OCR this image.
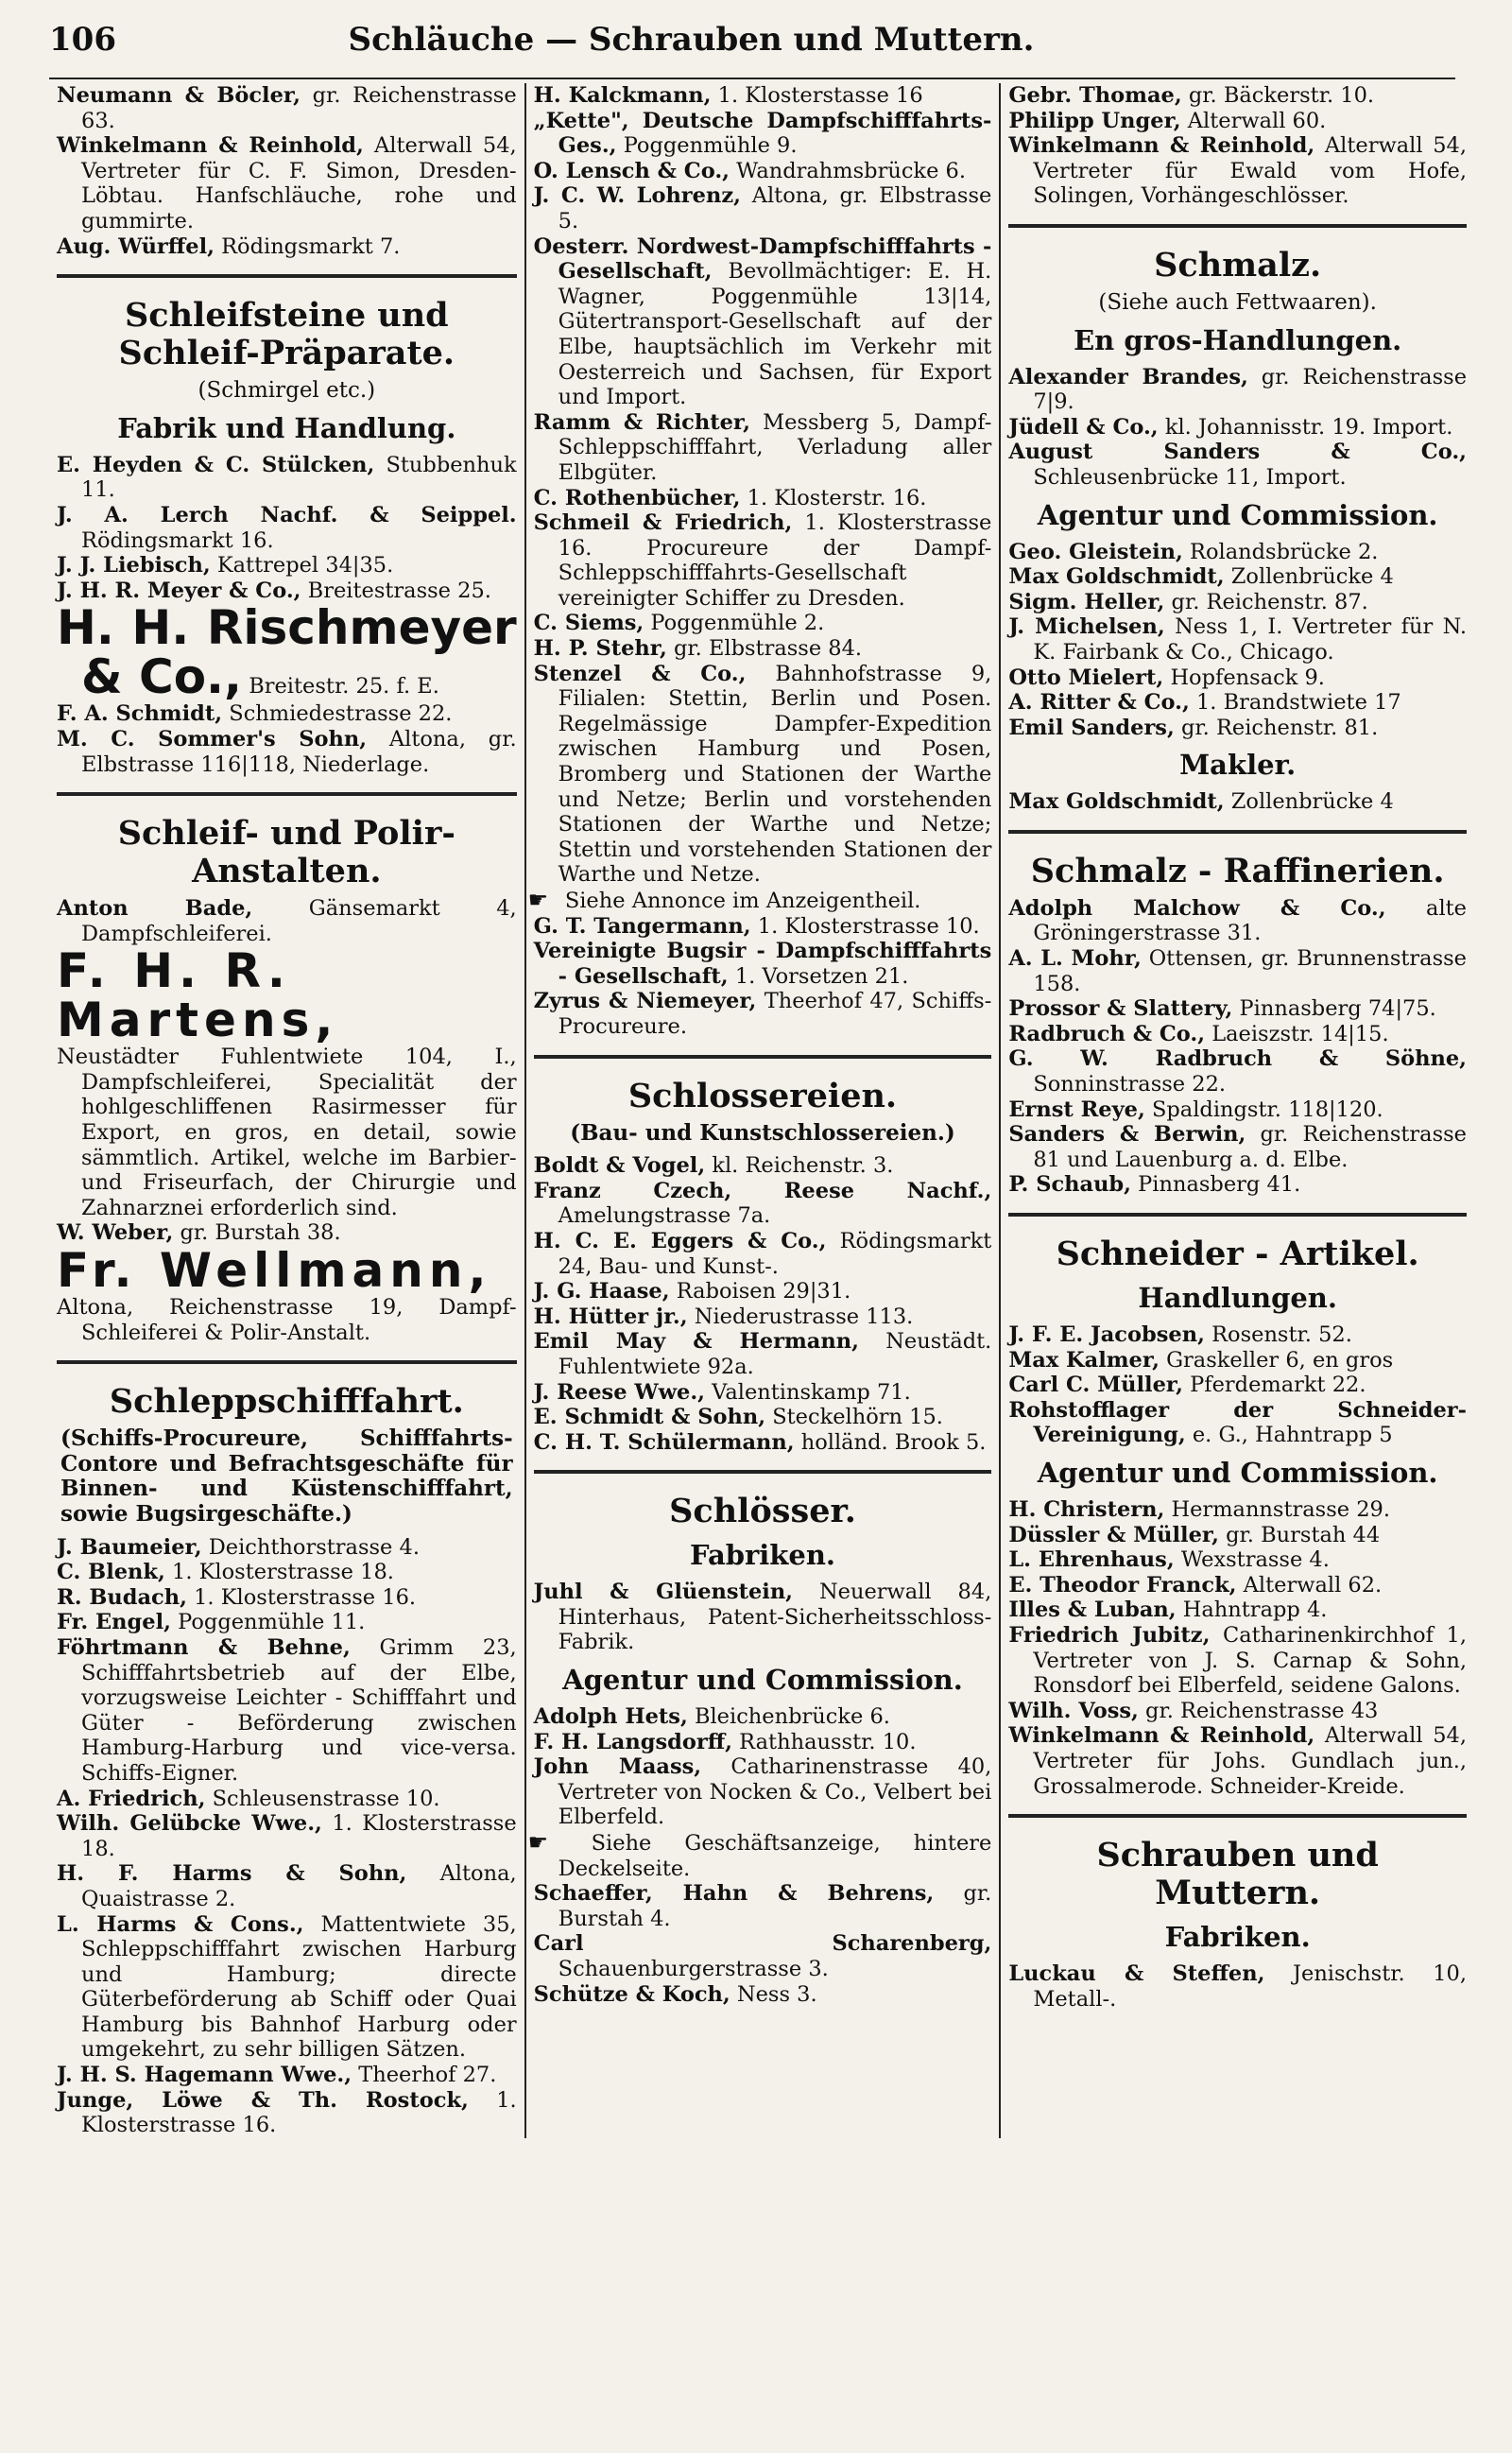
106	Schläuche — Schrauben und Muttern.

Neumann & Böcler, gr. Reichenstrasse 63.

Winkelmann & Reinhold, Alterwall 54, Vertreter für C. F. Simon, Dresden-Löbtau. Hanfschläuche, rohe und gummirte.

Aug. Würffel, Rödingsmarkt 7.

Schleifsteine und Schleif-Präparate.
(Schmirgel etc.)
Fabrik und Handlung.

E. Heyden & C. Stülcken, Stubbenhuk 11.

J. A. Lerch Nachf. & Seippel. Rödingsmarkt 16.

J. J. Liebisch, Kattrepel 34|35.

J. H. R. Meyer & Co., Breitestrasse 25.

H. H. Rischmeyer & Co., Breitestr. 25. f. E.

F. A. Schmidt, Schmiedestrasse 22.

M. C. Sommer's Sohn, Altona, gr. Elbstrasse 116|118, Niederlage.

Schleif- und Polir-Anstalten.

Anton Bade,	Gänsemarkt 4, Dampfschleiferei.

F. H. R. Martens,
Neustädter Fuhlentwiete 104, I., Dampfschleiferei, Specialität der hohlgeschliffenen Rasirmesser für Export, en gros, en detail, sowie sämmtlich. Artikel, welche im Barbier- und Friseurfach, der Chirurgie und Zahnarznei erforderlich sind.

W. Weber, gr. Burstah 38.

Fr. Wellmann,
Altona, Reichenstrasse 19, Dampf-Schleiferei & Polir-Anstalt.
Schleppschifffahrt.
(Schiffs-Procureure, Schifffahrts-Contore und Befrachtsgeschäfte für Binnen- und Küstenschifffahrt, sowie Bugsirgeschäfte.)

J. Baumeier, Deichthorstrasse 4.

C. Blenk, 1. Klosterstrasse 18.

R. Budach, 1. Klosterstrasse 16.

Fr. Engel, Poggenmühle 11.

Föhrtmann & Behne, Grimm 23, Schifffahrtsbetrieb auf der Elbe, vorzugsweise Leichter - Schifffahrt und Güter - Beförderung zwischen Hamburg-Harburg und vice-versa. Schiffs-Eigner.

A. Friedrich, Schleusenstrasse 10.

Wilh. Gelübcke Wwe., 1. Klosterstrasse 18.

H. F. Harms & Sohn, Altona, Quaistrasse 2.

L. Harms & Cons., Mattentwiete 35, Schleppschifffahrt zwischen Harburg und Hamburg; directe Güterbeförderung ab Schiff oder Quai Hamburg bis Bahnhof Harburg oder umgekehrt, zu sehr billigen Sätzen.

J. H. S. Hagemann Wwe., Theerhof 27.

Junge, Löwe & Th. Rostock, 1. Klosterstrasse 16.

H. Kalckmann, 1. Klosterstasse 16

„Kette", Deutsche Dampfschifffahrts-Ges., Poggenmühle 9.

O. Lensch & Co., Wandrahmsbrücke 6.

J. C. W. Lohrenz, Altona, gr. Elbstrasse 5.

Oesterr. Nordwest-Dampfschifffahrts - Gesellschaft, Bevollmächtiger: E. H. Wagner, Poggenmühle 13|14, Gütertransport-Gesellschaft auf der Elbe, hauptsächlich im Verkehr mit Oesterreich und Sachsen, für Export und Import.

Ramm & Richter, Messberg 5, Dampf-Schleppschifffahrt, Verladung aller Elbgüter.

C. Rothenbücher, 1. Klosterstr. 16.

Schmeil & Friedrich, 1. Klosterstrasse 16. Procureure der Dampf-Schleppschifffahrts-Gesellschaft vereinigter Schiffer zu Dresden.

C. Siems, Poggenmühle 2.

H. P. Stehr, gr. Elbstrasse 84.

Stenzel & Co., Bahnhofstrasse 9, Filialen: Stettin, Berlin und Posen. Regelmässige Dampfer-Expedition zwischen Hamburg und Posen, Bromberg und Stationen der Warthe und Netze; Berlin und vorstehenden Stationen der Warthe und Netze; Stettin und vorstehenden Stationen der Warthe und Netze.

☛ Siehe Annonce im Anzeigentheil.

G. T. Tangermann, 1. Klosterstrasse 10.

Vereinigte Bugsir - Dampfschifffahrts - Gesellschaft, 1. Vorsetzen 21.

Zyrus & Niemeyer, Theerhof 47, Schiffs-Procureure.

Schlossereien.
(Bau- und Kunstschlossereien.)

Boldt & Vogel, kl. Reichenstr. 3.

Franz Czech, Reese Nachf., Amelungstrasse 7a.

H. C. E. Eggers & Co., Rödingsmarkt 24, Bau- und Kunst-.

J. G. Haase, Raboisen 29|31.

H. Hütter jr., Niederustrasse 113.

Emil May & Hermann, Neustädt. Fuhlentwiete 92a.

J. Reese Wwe., Valentinskamp 71.

E. Schmidt & Sohn, Steckelhörn 15.

C. H. T. Schülermann, holländ. Brook 5.

Schlösser.
Fabriken.

Juhl & Glüenstein, Neuerwall 84, Hinterhaus, Patent-Sicherheitsschloss-Fabrik.

Agentur und Commission.

Adolph Hets, Bleichenbrücke 6.

F. H. Langsdorff, Rathhausstr. 10.

John Maass, Catharinenstrasse 40, Vertreter von Nocken & Co., Velbert bei Elberfeld.

☛ Siehe Geschäftsanzeige, hintere Deckelseite.

Schaeffer, Hahn & Behrens, gr. Burstah 4.

Carl Scharenberg, Schauenburgerstrasse 3.

Schütze & Koch, Ness 3.

Gebr. Thomae, gr. Bäckerstr. 10.

Philipp Unger, Alterwall 60.

Winkelmann & Reinhold, Alterwall 54, Vertreter für Ewald vom Hofe, Solingen, Vorhängeschlösser.

Schmalz.
(Siehe auch Fettwaaren).
En gros-Handlungen.

Alexander Brandes, gr. Reichenstrasse 7|9.

Jüdell & Co., kl. Johannisstr. 19. Import.

August Sanders & Co., Schleusenbrücke 11, Import.

Agentur und Commission.

Geo. Gleistein, Rolandsbrücke 2.

Max Goldschmidt, Zollenbrücke 4

Sigm. Heller, gr. Reichenstr. 87.

J. Michelsen, Ness 1, I. Vertreter für N. K. Fairbank & Co., Chicago.

Otto Mielert, Hopfensack 9.

A. Ritter & Co., 1. Brandstwiete 17

Emil Sanders, gr. Reichenstr. 81.

Makler.

Max Goldschmidt, Zollenbrücke 4

Schmalz - Raffinerien.

Adolph Malchow & Co., alte Gröningerstrasse 31.

A. L. Mohr, Ottensen, gr. Brunnenstrasse 158.

Prossor & Slattery, Pinnasberg 74|75.

Radbruch & Co., Laeiszstr. 14|15.

G. W. Radbruch & Söhne, Sonninstrasse 22.

Ernst Reye, Spaldingstr. 118|120.

Sanders & Berwin, gr. Reichenstrasse 81 und Lauenburg a. d. Elbe.

P. Schaub, Pinnasberg 41.

Schneider - Artikel.
Handlungen.

J. F. E. Jacobsen, Rosenstr. 52.

Max Kalmer, Graskeller 6, en gros

Carl C. Müller, Pferdemarkt 22.

Rohstofflager der Schneider-Vereinigung, e. G., Hahntrapp 5

Agentur und Commission.

H. Christern, Hermannstrasse 29.

Düssler & Müller, gr. Burstah 44

L. Ehrenhaus, Wexstrasse 4.

E. Theodor Franck, Alterwall 62.

Illes & Luban, Hahntrapp 4.

Friedrich Jubitz, Catharinenkirchhof 1, Vertreter von J. S. Carnap & Sohn, Ronsdorf bei Elberfeld, seidene Galons.

Wilh. Voss, gr. Reichenstrasse 43

Winkelmann & Reinhold, Alterwall 54, Vertreter für Johs. Gundlach jun., Grossalmerode. Schneider-Kreide.

Schrauben und Muttern.
Fabriken.

Luckau & Steffen, Jenischstr. 10, Metall-.
